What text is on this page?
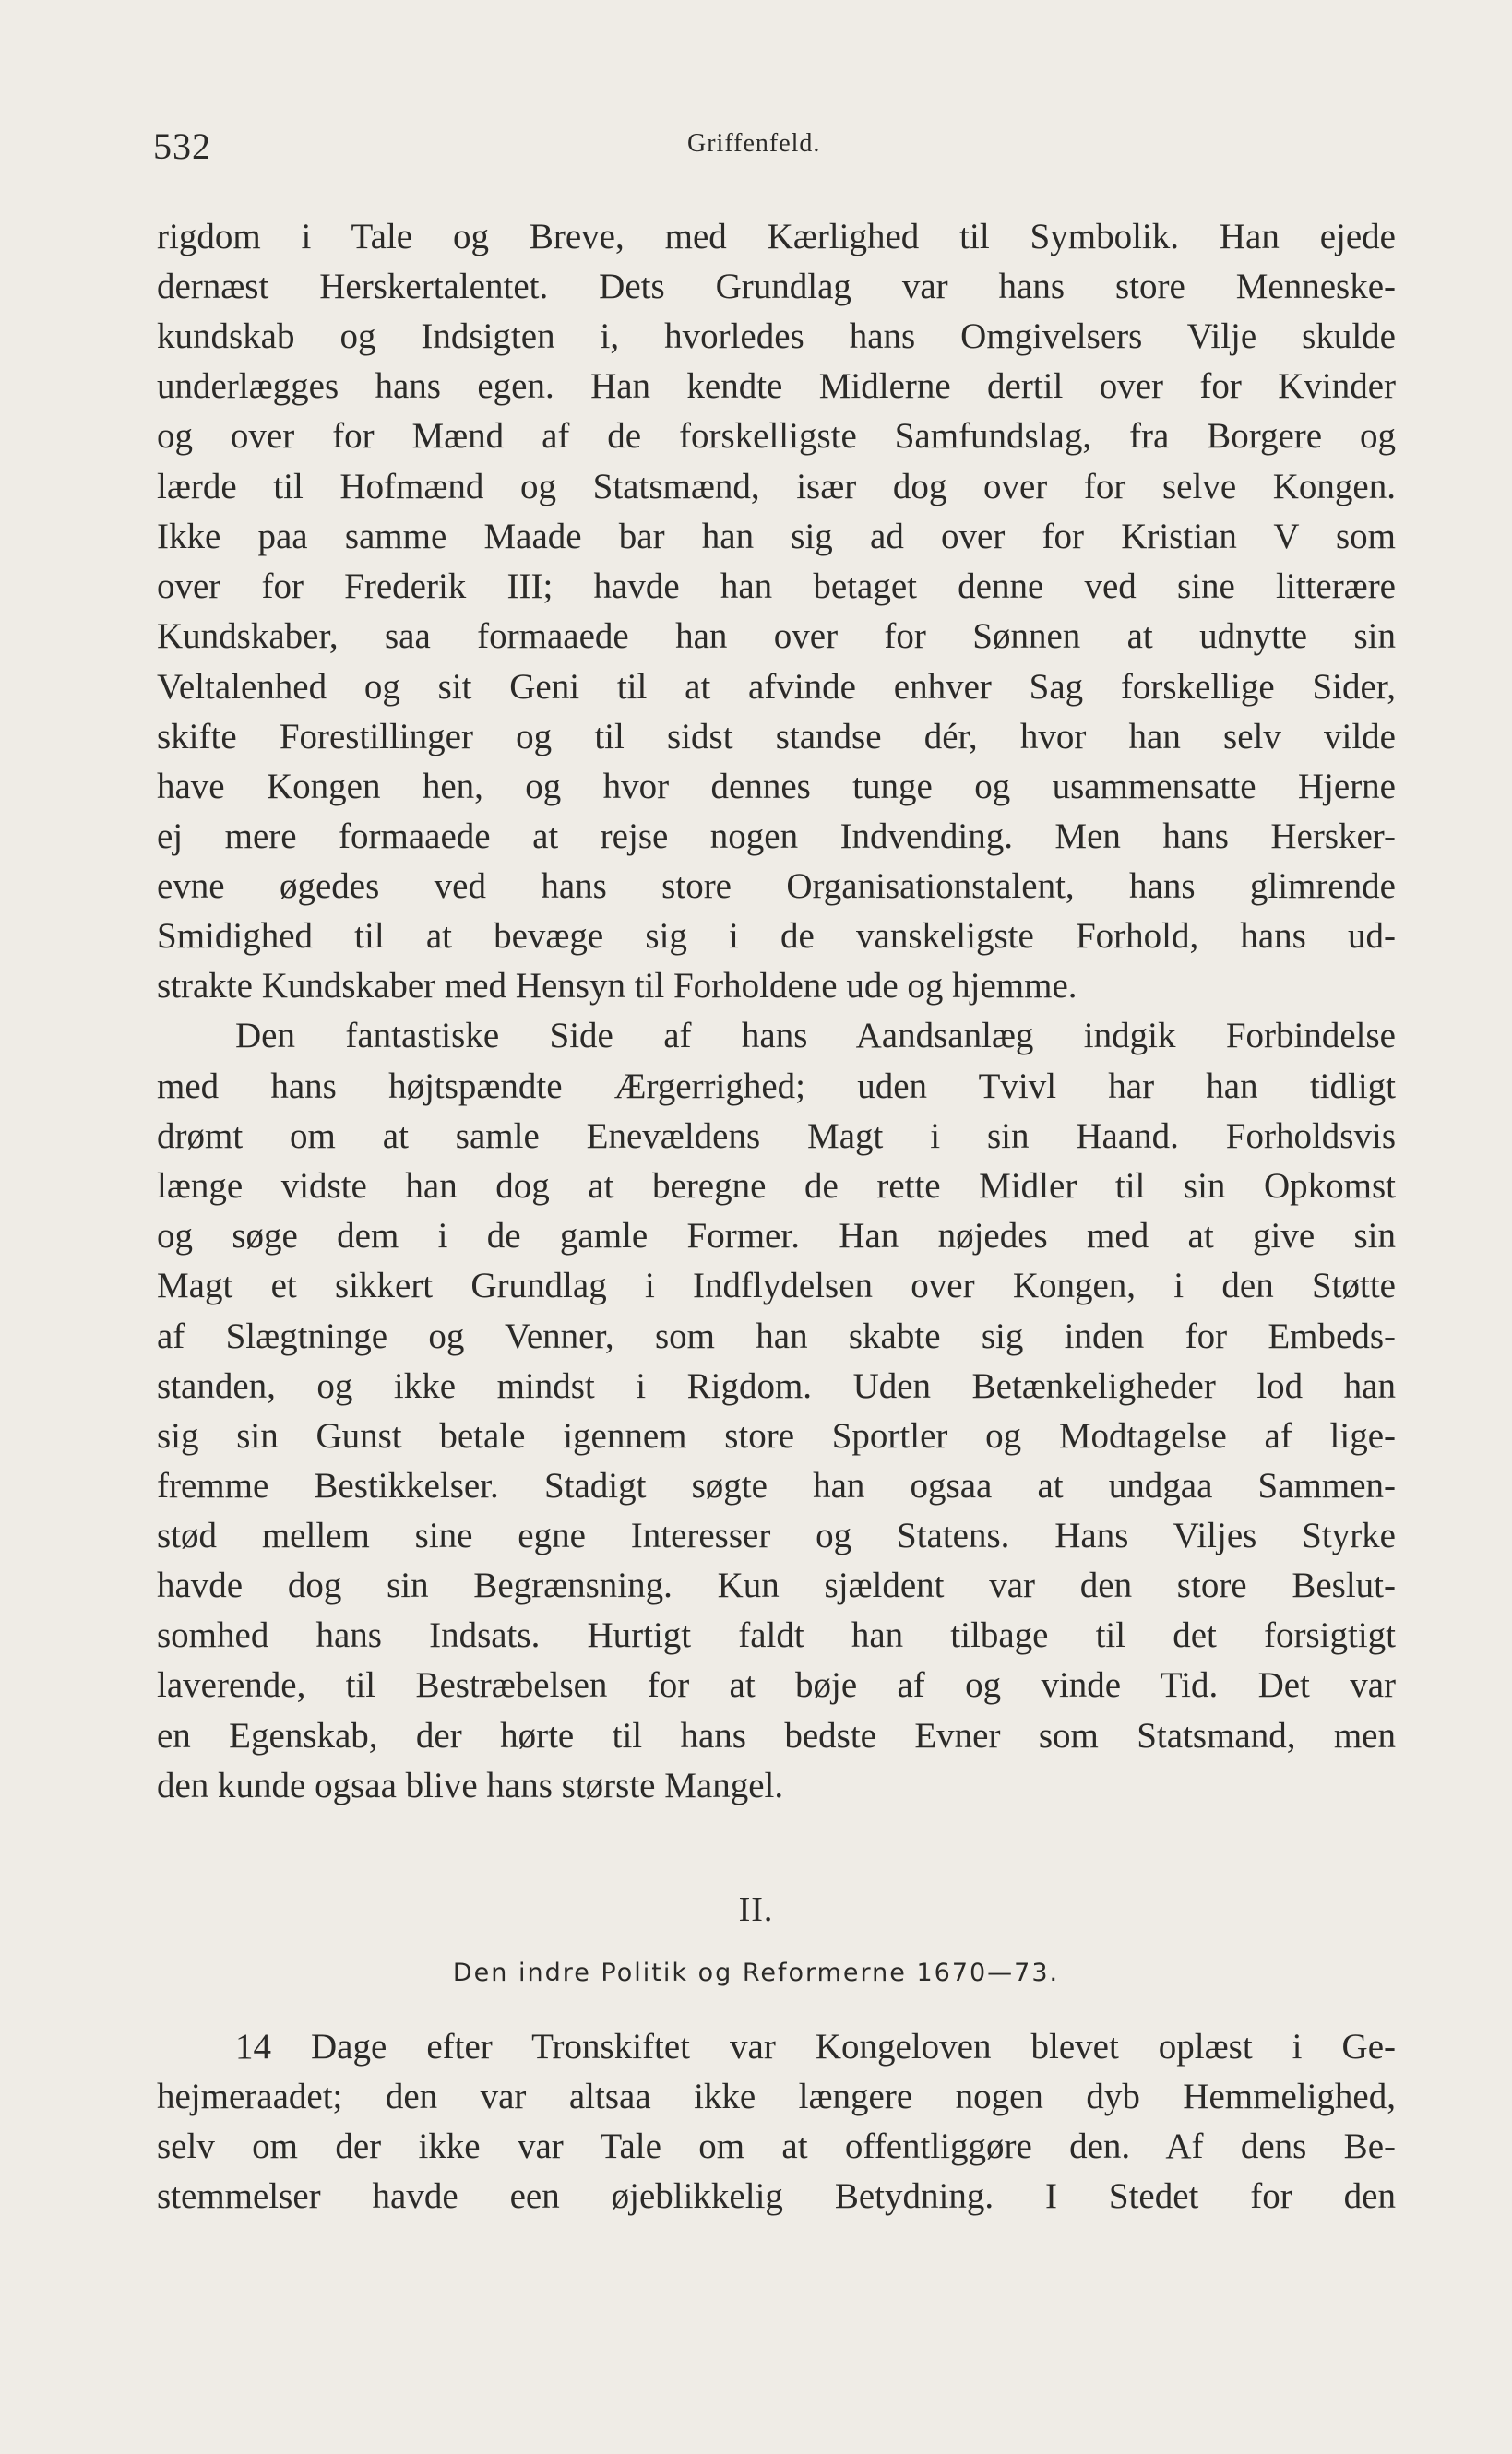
532	Griffenfeld.
rigdom i Tale og Breve, med Kærlighed til Symbolik. Han ejede
dernæst Herskertalentet. Dets Grundlag var hans store Menneske-
kundskab og Indsigten i, hvorledes hans Omgivelsers Vilje skulde
underlægges hans egen. Han kendte Midlerne dertil over for Kvinder
og over for Mænd af de forskelligste Samfundslag, fra Borgere og
lærde til Hofmænd og Statsmænd, især dog over for selve Kongen.
Ikke paa samme Maade bar han sig ad over for Kristian V som
over for Frederik III; havde han betaget denne ved sine litterære
Kundskaber, saa formaaede han over for Sønnen at udnytte sin
Veltalenhed og sit Geni til at afvinde enhver Sag forskellige Sider,
skifte Forestillinger og til sidst standse dér, hvor han selv vilde
have Kongen hen, og hvor dennes tunge og usammensatte Hjerne
ej mere formaaede at rejse nogen Indvending. Men hans Hersker-
evne øgedes ved hans store Organisationstalent, hans glimrende
Smidighed til at bevæge sig i de vanskeligste Forhold, hans ud-
strakte Kundskaber med Hensyn til Forholdene ude og hjemme.
Den fantastiske Side af hans Aandsanlæg indgik Forbindelse
med hans højtspændte Ærgerrighed; uden Tvivl har han tidligt
drømt om at samle Enevældens Magt i sin Haand. Forholdsvis
længe vidste han dog at beregne de rette Midler til sin Opkomst
og søge dem i de gamle Former. Han nøjedes med at give sin
Magt et sikkert Grundlag i Indflydelsen over Kongen, i den Støtte
af Slægtninge og Venner, som han skabte sig inden for Embeds-
standen, og ikke mindst i Rigdom. Uden Betænkeligheder lod han
sig sin Gunst betale igennem store Sportler og Modtagelse af lige-
fremme Bestikkelser. Stadigt søgte han ogsaa at undgaa Sammen-
stød mellem sine egne Interesser og Statens. Hans Viljes Styrke
havde dog sin Begrænsning. Kun sjældent var den store Beslut-
somhed hans Indsats. Hurtigt faldt han tilbage til det forsigtigt
laverende, til Bestræbelsen for at bøje af og vinde Tid. Det var
en Egenskab, der hørte til hans bedste Evner som Statsmand, men
den kunde ogsaa blive hans største Mangel.
II.
Den indre Politik og Reformerne 1670—73.
14 Dage efter Tronskiftet var Kongeloven blevet oplæst i Ge-
hejmeraadet; den var altsaa ikke længere nogen dyb Hemmelighed,
selv om der ikke var Tale om at offentliggøre den. Af dens Be-
stemmelser havde een øjeblikkelig Betydning. I Stedet for den
